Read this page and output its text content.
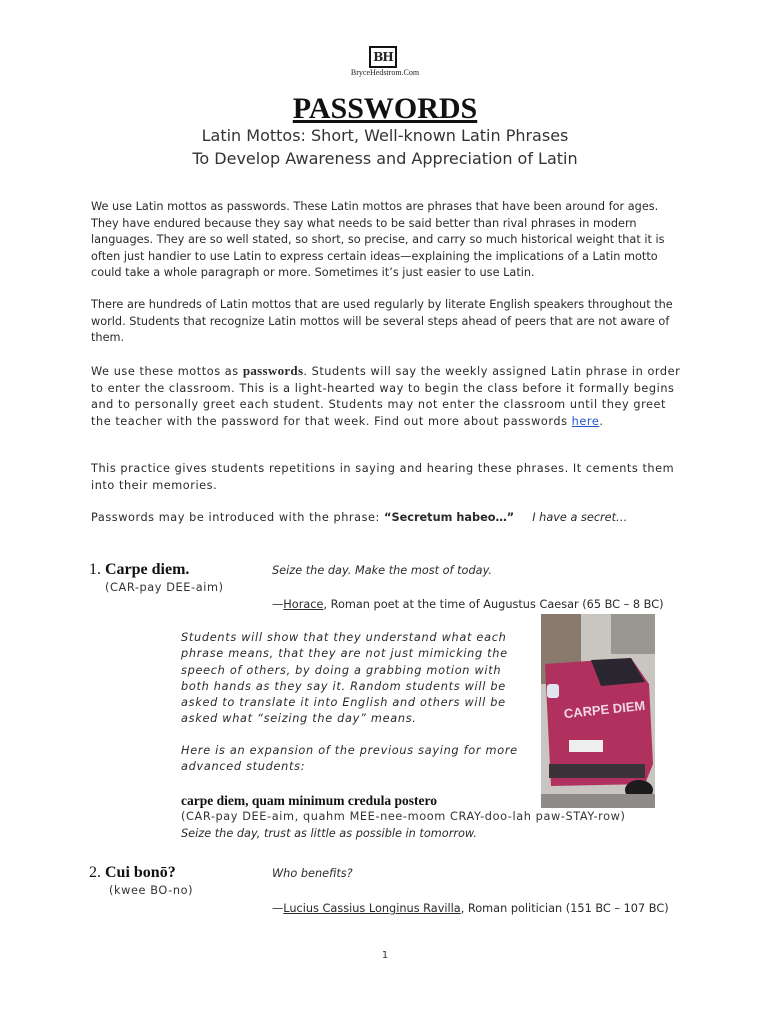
BH
BryceHedstrom.Com
PASSWORDS
Latin Mottos: Short, Well-known Latin Phrases
To Develop Awareness and Appreciation of Latin
We use Latin mottos as passwords. These Latin mottos are phrases that have been around for ages. They have endured because they say what needs to be said better than rival phrases in modern languages. They are so well stated, so short, so precise, and carry so much historical weight that it is often just handier to use Latin to express certain ideas—explaining the implications of a Latin motto could take a whole paragraph or more. Sometimes it’s just easier to use Latin.
There are hundreds of Latin mottos that are used regularly by literate English speakers throughout the world. Students that recognize Latin mottos will be several steps ahead of peers that are not aware of them.
We use these mottos as passwords. Students will say the weekly assigned Latin phrase in order to enter the classroom. This is a light-hearted way to begin the class before it formally begins and to personally greet each student. Students may not enter the classroom until they greet the teacher with the password for that week. Find out more about passwords here.
This practice gives students repetitions in saying and hearing these phrases. It cements them into their memories.
Passwords may be introduced with the phrase: “Secretum habeo…” I have a secret…
1. Carpe diem.
(CAR-pay DEE-aim)
Seize the day. Make the most of today.
—Horace, Roman poet at the time of Augustus Caesar (65 BC – 8 BC)
Students will show that they understand what each phrase means, that they are not just mimicking the speech of others, by doing a grabbing motion with both hands as they say it. Random students will be asked to translate it into English and others will be asked what “seizing the day” means.
Here is an expansion of the previous saying for more advanced students:
carpe diem, quam minimum credula postero
(CAR-pay DEE-aim, quahm MEE-nee-moom CRAY-doo-lah paw-STAY-row)
Seize the day, trust as little as possible in tomorrow.
CARPE DIEM
2. Cui bonō?
(kwee BO-no)
Who benefits?
—Lucius Cassius Longinus Ravilla, Roman politician (151 BC – 107 BC)
1
